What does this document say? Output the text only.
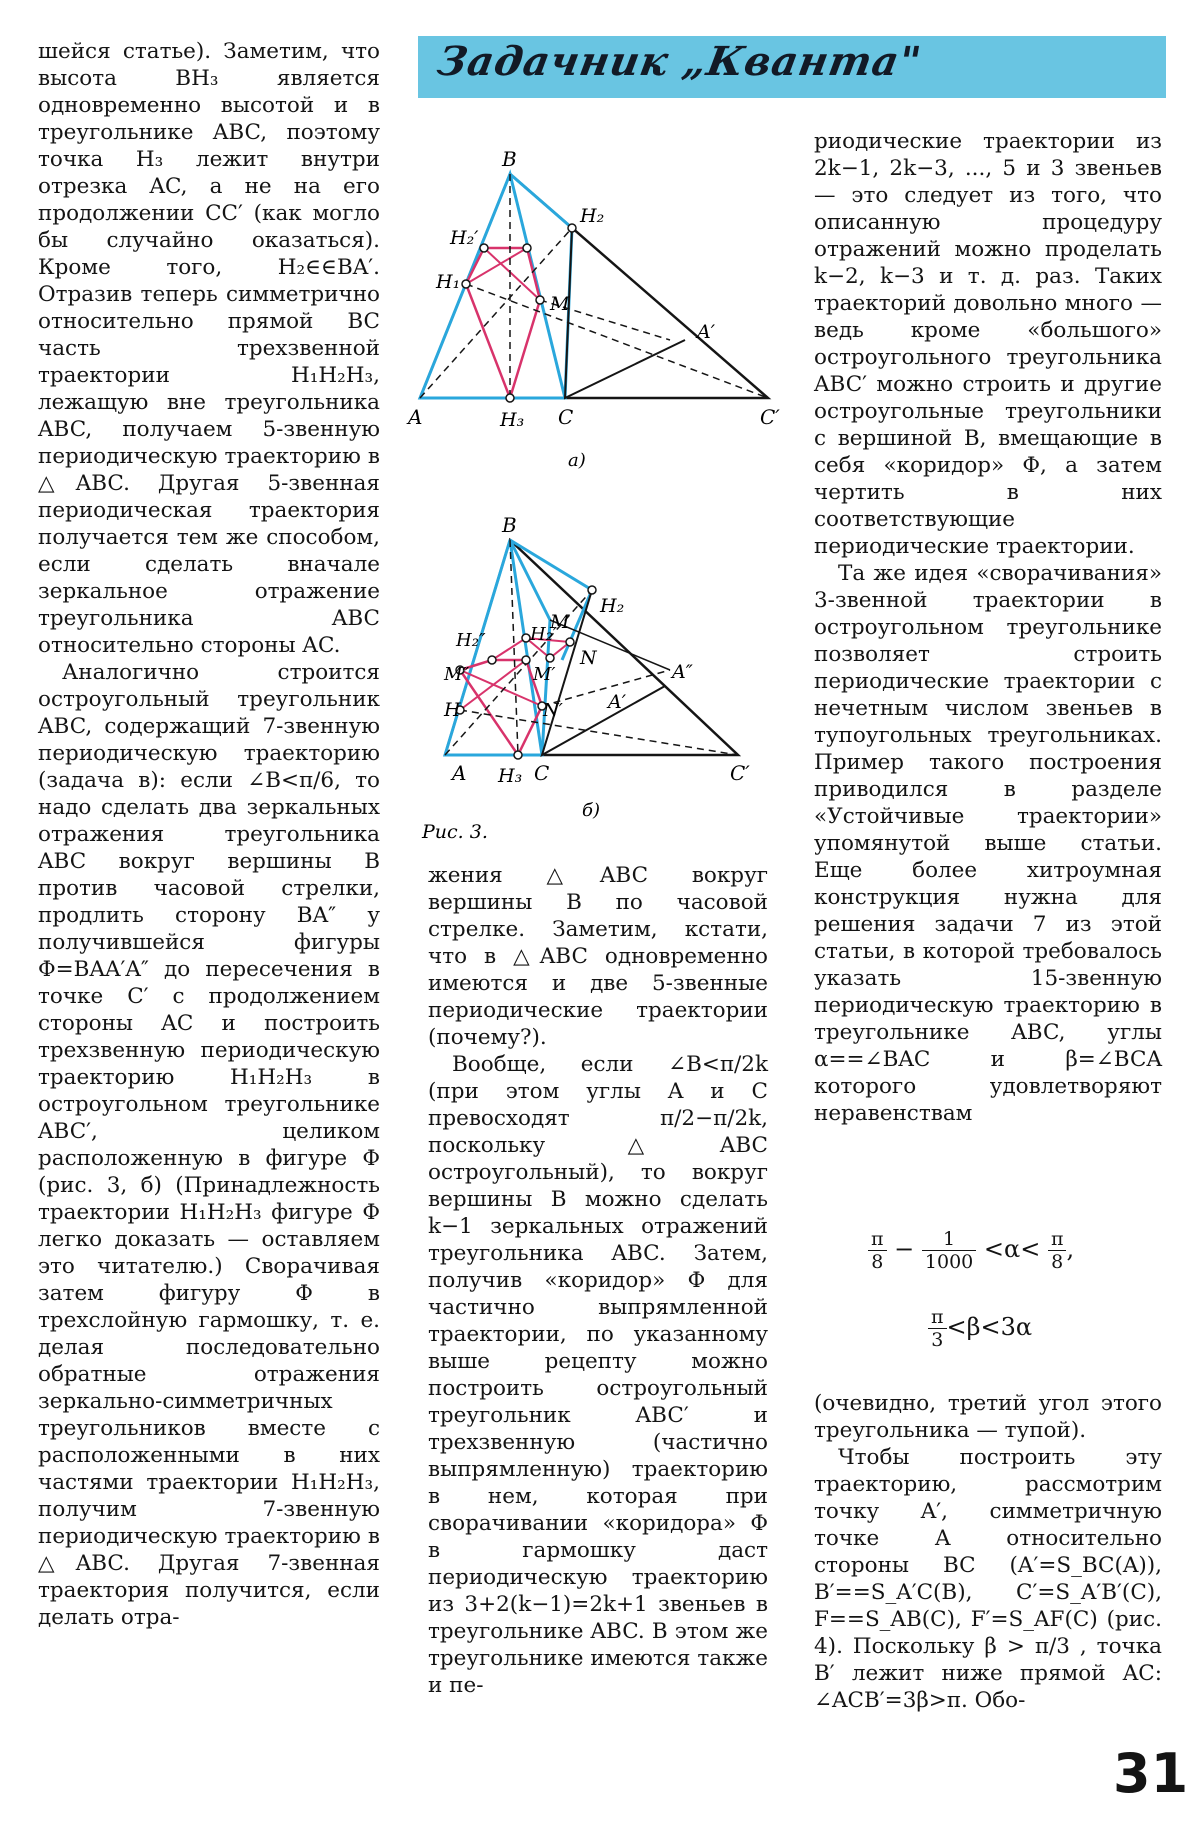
Задачник „Кванта"

шейся статье). Заметим, что высота BH₃ является одновременно высотой и в треугольнике ABC, поэтому точка H₃ лежит внутри отрезка AC, а не на его продолжении CC′ (как могло бы случайно оказаться). Кроме того, H₂∈∈BA′. Отразив теперь симметрично относительно прямой BC часть трехзвенной траектории H₁H₂H₃, лежащую вне треугольника ABC, получаем 5-звенную периодическую траекторию в △ABC. Другая 5-звенная периодическая траектория получается тем же способом, если сделать вначале зеркальное отражение треугольника ABC относительно стороны AC.

Аналогично строится остроугольный треугольник ABC, содержащий 7-звенную периодическую траекторию (задача в): если ∠B<π/6, то надо сделать два зеркальных отражения треугольника ABC вокруг вершины B против часовой стрелки, продлить сторону BA″ у получившейся фигуры Φ=BAA′A″ до пересечения в точке C′ с продолжением стороны AC и построить трехзвенную периодическую траекторию H₁H₂H₃ в остроугольном треугольнике ABC′, целиком расположенную в фигуре Φ (рис. 3, б) (Принадлежность траектории H₁H₂H₃ фигуре Φ легко доказать — оставляем это читателю.) Сворачивая затем фигуру Φ в трехслойную гармошку, т. е. делая последовательно обратные отражения зеркально-симметричных треугольников вместе с расположенными в них частями траектории H₁H₂H₃, получим 7-звенную периодическую траекторию в △ABC. Другая 7-звенная траектория получится, если делать отра-

B
H₂′
H₂
H₁
M
A′
A	H₃ C	C′
а)
B
M
H₂
H₂″ H₂′
M″	M′
N
A″
H	N′ A′
A H₃ C	C′
б)
Рис. 3.

жения △ABC вокруг вершины B по часовой стрелке. Заметим, кстати, что в △ABC одновременно имеются и две 5-звенные периодические траектории (почему?).

Вообще, если ∠B<π/2k (при этом углы A и C превосходят π/2−π/2k, поскольку △ABC остроугольный), то вокруг вершины B можно сделать k−1 зеркальных отражений треугольника ABC. Затем, получив «коридор» Φ для частично выпрямленной траектории, по указанному выше рецепту можно построить остроугольный треугольник ABC′ и трехзвенную (частично выпрямленную) траекторию в нем, которая при сворачивании «коридора» Φ в гармошку даст периодическую траекторию из 3+2(k−1)=2k+1 звеньев в треугольнике ABC. В этом же треугольнике имеются также и пе-

риодические траектории из 2k−1, 2k−3, ..., 5 и 3 звеньев — это следует из того, что описанную процедуру отражений можно проделать k−2, k−3 и т. д. раз. Таких траекторий довольно много — ведь кроме «большого» остроугольного треугольника ABC′ можно строить и другие остроугольные треугольники с вершиной B, вмещающие в себя «коридор» Φ, а затем чертить в них соответствующие периодические траектории.

Та же идея «сворачивания» 3-звенной траектории в остроугольном треугольнике позволяет строить периодические траектории с нечетным числом звеньев в тупоугольных треугольниках. Пример такого построения приводился в разделе «Устойчивые траектории» упомянутой выше статьи. Еще более хитроумная конструкция нужна для решения задачи 7 из этой статьи, в которой требовалось указать 15-звенную периодическую траекторию в треугольнике ABC, углы α==∠BAC и β=∠BCA которого удовлетворяют неравенствам

$\frac{\pi}{8} - \frac{1}{1000} <\alpha< \frac{\pi}{8}$ ,
$\frac{\pi}{3} <\beta<3\alpha$

(очевидно, третий угол этого треугольника — тупой).

Чтобы построить эту траекторию, рассмотрим точку A′, симметричную точке A относительно стороны BC (A′=S_BC(A)), B′==S_A′C(B), C′=S_A′B′(C), F==S_AB(C), F′=S_AF(C) (рис. 4). Поскольку β > π/3 , точка B′ лежит ниже прямой AC: ∠ACB′=3β>π. Обо-

31
